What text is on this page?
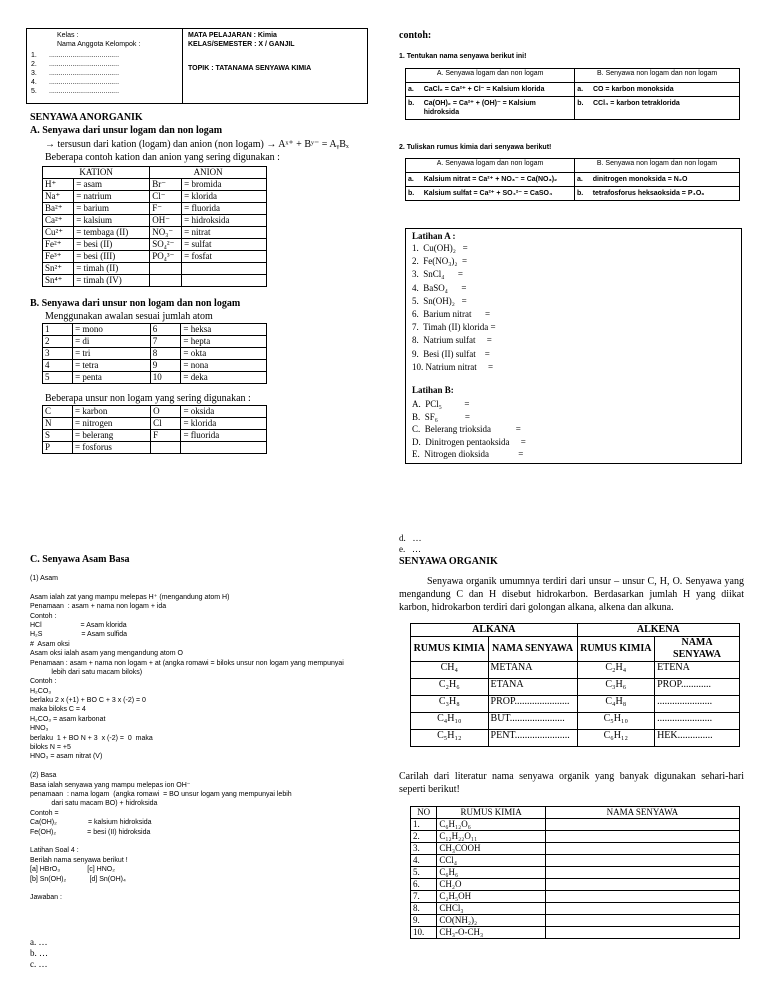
Kelas :
Nama Anggota Kelompok :
1. ....................................
2. ....................................
3. ....................................
4. ....................................
5. ....................................
MATA PELAJARAN : Kimia
KELAS/SEMESTER : X / GANJIL
TOPIK : TATANAMA SENYAWA KIMIA
SENYAWA ANORGANIK
A. Senyawa dari unsur logam dan non logam
→ tersusun dari kation (logam) dan anion (non logam) → Aˣ⁺ + Bʸ⁻ = AᵧBₓ
Beberapa contoh kation dan anion yang sering digunakan :
KATION		ANION	
H⁺	= asam	Br⁻	= bromida
Na⁺	= natrium	Cl⁻	= klorida
Ba²⁺	= barium	F⁻	= fluorida
Ca²⁺	= kalsium	OH⁻	= hidroksida
Cu²⁺	= tembaga (II)	NO₃⁻	= nitrat
Fe²⁺	= besi (II)	SO₄²⁻	= sulfat
Fe³⁺	= besi (III)	PO₄³⁻	= fosfat
Sn²⁺	= timah (II)		
Sn⁴⁺	= timah (IV)		
B. Senyawa dari unsur non logam dan non logam
Menggunakan awalan sesuai jumlah atom
1	= mono	6	= heksa
2	= di	7	= hepta
3	= tri	8	= okta
4	= tetra	9	= nona
5	= penta	10	= deka
Beberapa unsur non logam yang sering digunakan :
C	= karbon	O	= oksida
N	= nitrogen	Cl	= klorida
S	= belerang	F	= fluorida
P	= fosforus		
C. Senyawa Asam Basa
(1) Asam
Asam ialah zat yang mampu melepas H⁺ (mengandung atom H)
Penamaan  : asam + nama non logam + ida
Contoh :
HCl                    = Asam klorida
H₂S                    = Asam sulfida
#  Asam oksi
Asam oksi ialah asam yang mengandung atom O
Penamaan : asam + nama non logam + at (angka romawi = biloks unsur non logam yang mempunyai
lebih dari satu macam biloks)
Contoh :
H₂CO₃
berlaku 2 x (+1) + BO C + 3 x (-2) = 0
maka biloks C = 4
H₂CO₃ = asam karbonat
HNO₃
berlaku  1 + BO N + 3  x (-2) =  0  maka
biloks N = +5
HNO₃ = asam nitrat (V)
(2) Basa
Basa ialah senyawa yang mampu melepas ion OH⁻
penamaan  : nama logam  (angka romawi  = BO unsur logam yang mempunyai lebih
dari satu macam BO) + hidroksida
Contoh =
Ca(OH)₂                = kalsium hidroksida
Fe(OH)₂                = besi (II) hidroksida
Latihan Soal 4 :
Berilah nama senyawa berikut !
[a] HBrO₃              [c] HNO₂
[b] Sn(OH)₂            [d] Sn(OH)₄
Jawaban :
a. …
b. …
c. …
contoh:
1. Tentukan nama senyawa berikut ini!
A. Senyawa logam dan non logam		B. Senyawa non logam dan non logam	
a.	CaCl₂ = Ca²⁺ + Cl⁻ = Kalsium klorida	a.	CO = karbon monoksida
b.	Ca(OH)₂ = Ca²⁺ + (OH)⁻ = Kalsium hidroksida	b.	CCl₄ = karbon tetraklorida
2. Tuliskan rumus kimia dari senyawa berikut!
A. Senyawa logam dan non logam		B. Senyawa non logam dan non logam	
a.	Kalsium nitrat = Ca²⁺ + NO₃⁻ = Ca(NO₃)₂	a.	dinitrogen monoksida = N₂O
b.	Kalsium sulfat = Ca²⁺ + SO₄²⁻ = CaSO₄	b.	tetrafosforus heksaoksida = P₄O₆
Latihan A :
1.  Cu(OH)₂   =
2.  Fe(NO₃)₂  =
3.  SnCl₄      =
4.  BaSO₄      =
5.  Sn(OH)₂   =
6.  Barium nitrat      =
7.  Timah (II) klorida =
8.  Natrium sulfat     =
9.  Besi (II) sulfat    =
10. Natrium nitrat     =
Latihan B:
A.  PCl₅          =
B.  SF₆            =
C.  Belerang trioksida           =
D.  Dinitrogen pentaoksida     =
E.  Nitrogen dioksida             =
d.   …
e.   …
SENYAWA ORGANIK
Senyawa organik umumnya terdiri dari unsur – unsur C, H, O. Senyawa yang mengandung C dan H disebut hidrokarbon. Berdasarkan jumlah H yang diikat karbon, hidrokarbon terdiri dari golongan alkana, alkena dan alkuna.
ALKANA		ALKENA	
RUMUS KIMIA	NAMA SENYAWA	RUMUS KIMIA	NAMA SENYAWA
CH₄	METANA	C₂H₄	ETENA
C₂H₆	ETANA	C₃H₆	PROP............
C₃H₈	PROP......................	C₄H₈	......................
C₄H₁₀	BUT......................	C₅H₁₀	......................
C₅H₁₂	PENT......................	C₆H₁₂	HEK..............
Carilah dari literatur nama senyawa organik yang banyak digunakan sehari-hari seperti berikut!
NO	RUMUS KIMIA	NAMA SENYAWA
1.	C₆H₁₂O₆	
2.	C₁₂H₂₂O₁₁	
3.	CH₃COOH	
4.	CCl₄	
5.	C₆H₆	
6.	CH₂O	
7.	C₂H₅OH	
8.	CHCl₃	
9.	CO(NH₂)₂	
10.	CH₃-O-CH₃	
